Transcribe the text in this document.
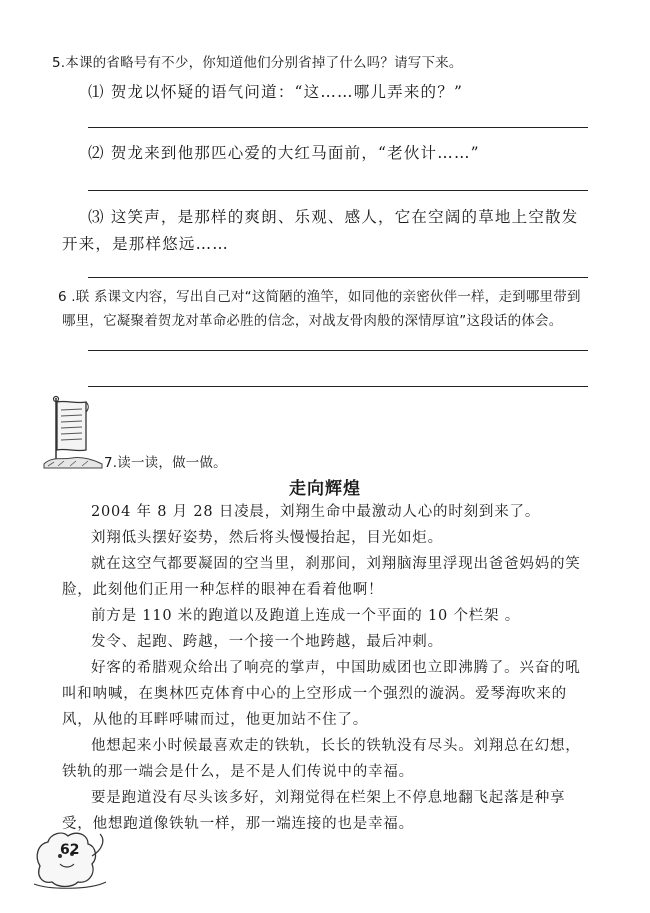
5.本课的省略号有不少，你知道他们分别省掉了什么吗？请写下来。
⑴ 贺龙以怀疑的语气问道：“这……哪儿弄来的？”
⑵ 贺龙来到他那匹心爱的大红马面前，“老伙计……”
⑶ 这笑声，是那样的爽朗、乐观、感人，它在空阔的草地上空散发
开来，是那样悠远……
6 .联 系课文内容，写出自己对“这简陋的渔竿，如同他的亲密伙伴一样，走到哪里带到
哪里，它凝聚着贺龙对革命必胜的信念，对战友骨肉般的深情厚谊”这段话的体会。
7.读一读，做一做。
走向辉煌

2004 年 8 月 28 日凌晨，刘翔生命中最激动人心的时刻到来了。

刘翔低头摆好姿势，然后将头慢慢抬起，目光如炬。

就在这空气都要凝固的空当里，刹那间，刘翔脑海里浮现出爸爸妈妈的笑脸，此刻他们正用一种怎样的眼神在看着他啊！

前方是 110 米的跑道以及跑道上连成一个平面的 10 个栏架 。

发令、起跑、跨越，一个接一个地跨越，最后冲刺。

好客的希腊观众给出了响亮的掌声，中国助威团也立即沸腾了。兴奋的吼叫和呐喊，在奥林匹克体育中心的上空形成一个强烈的漩涡。爱琴海吹来的风，从他的耳畔呼啸而过，他更加站不住了。

他想起来小时候最喜欢走的铁轨，长长的铁轨没有尽头。刘翔总在幻想，铁轨的那一端会是什么，是不是人们传说中的幸福。

要是跑道没有尽头该多好，刘翔觉得在栏架上不停息地翻飞起落是种享受，他想跑道像铁轨一样，那一端连接的也是幸福。

62
